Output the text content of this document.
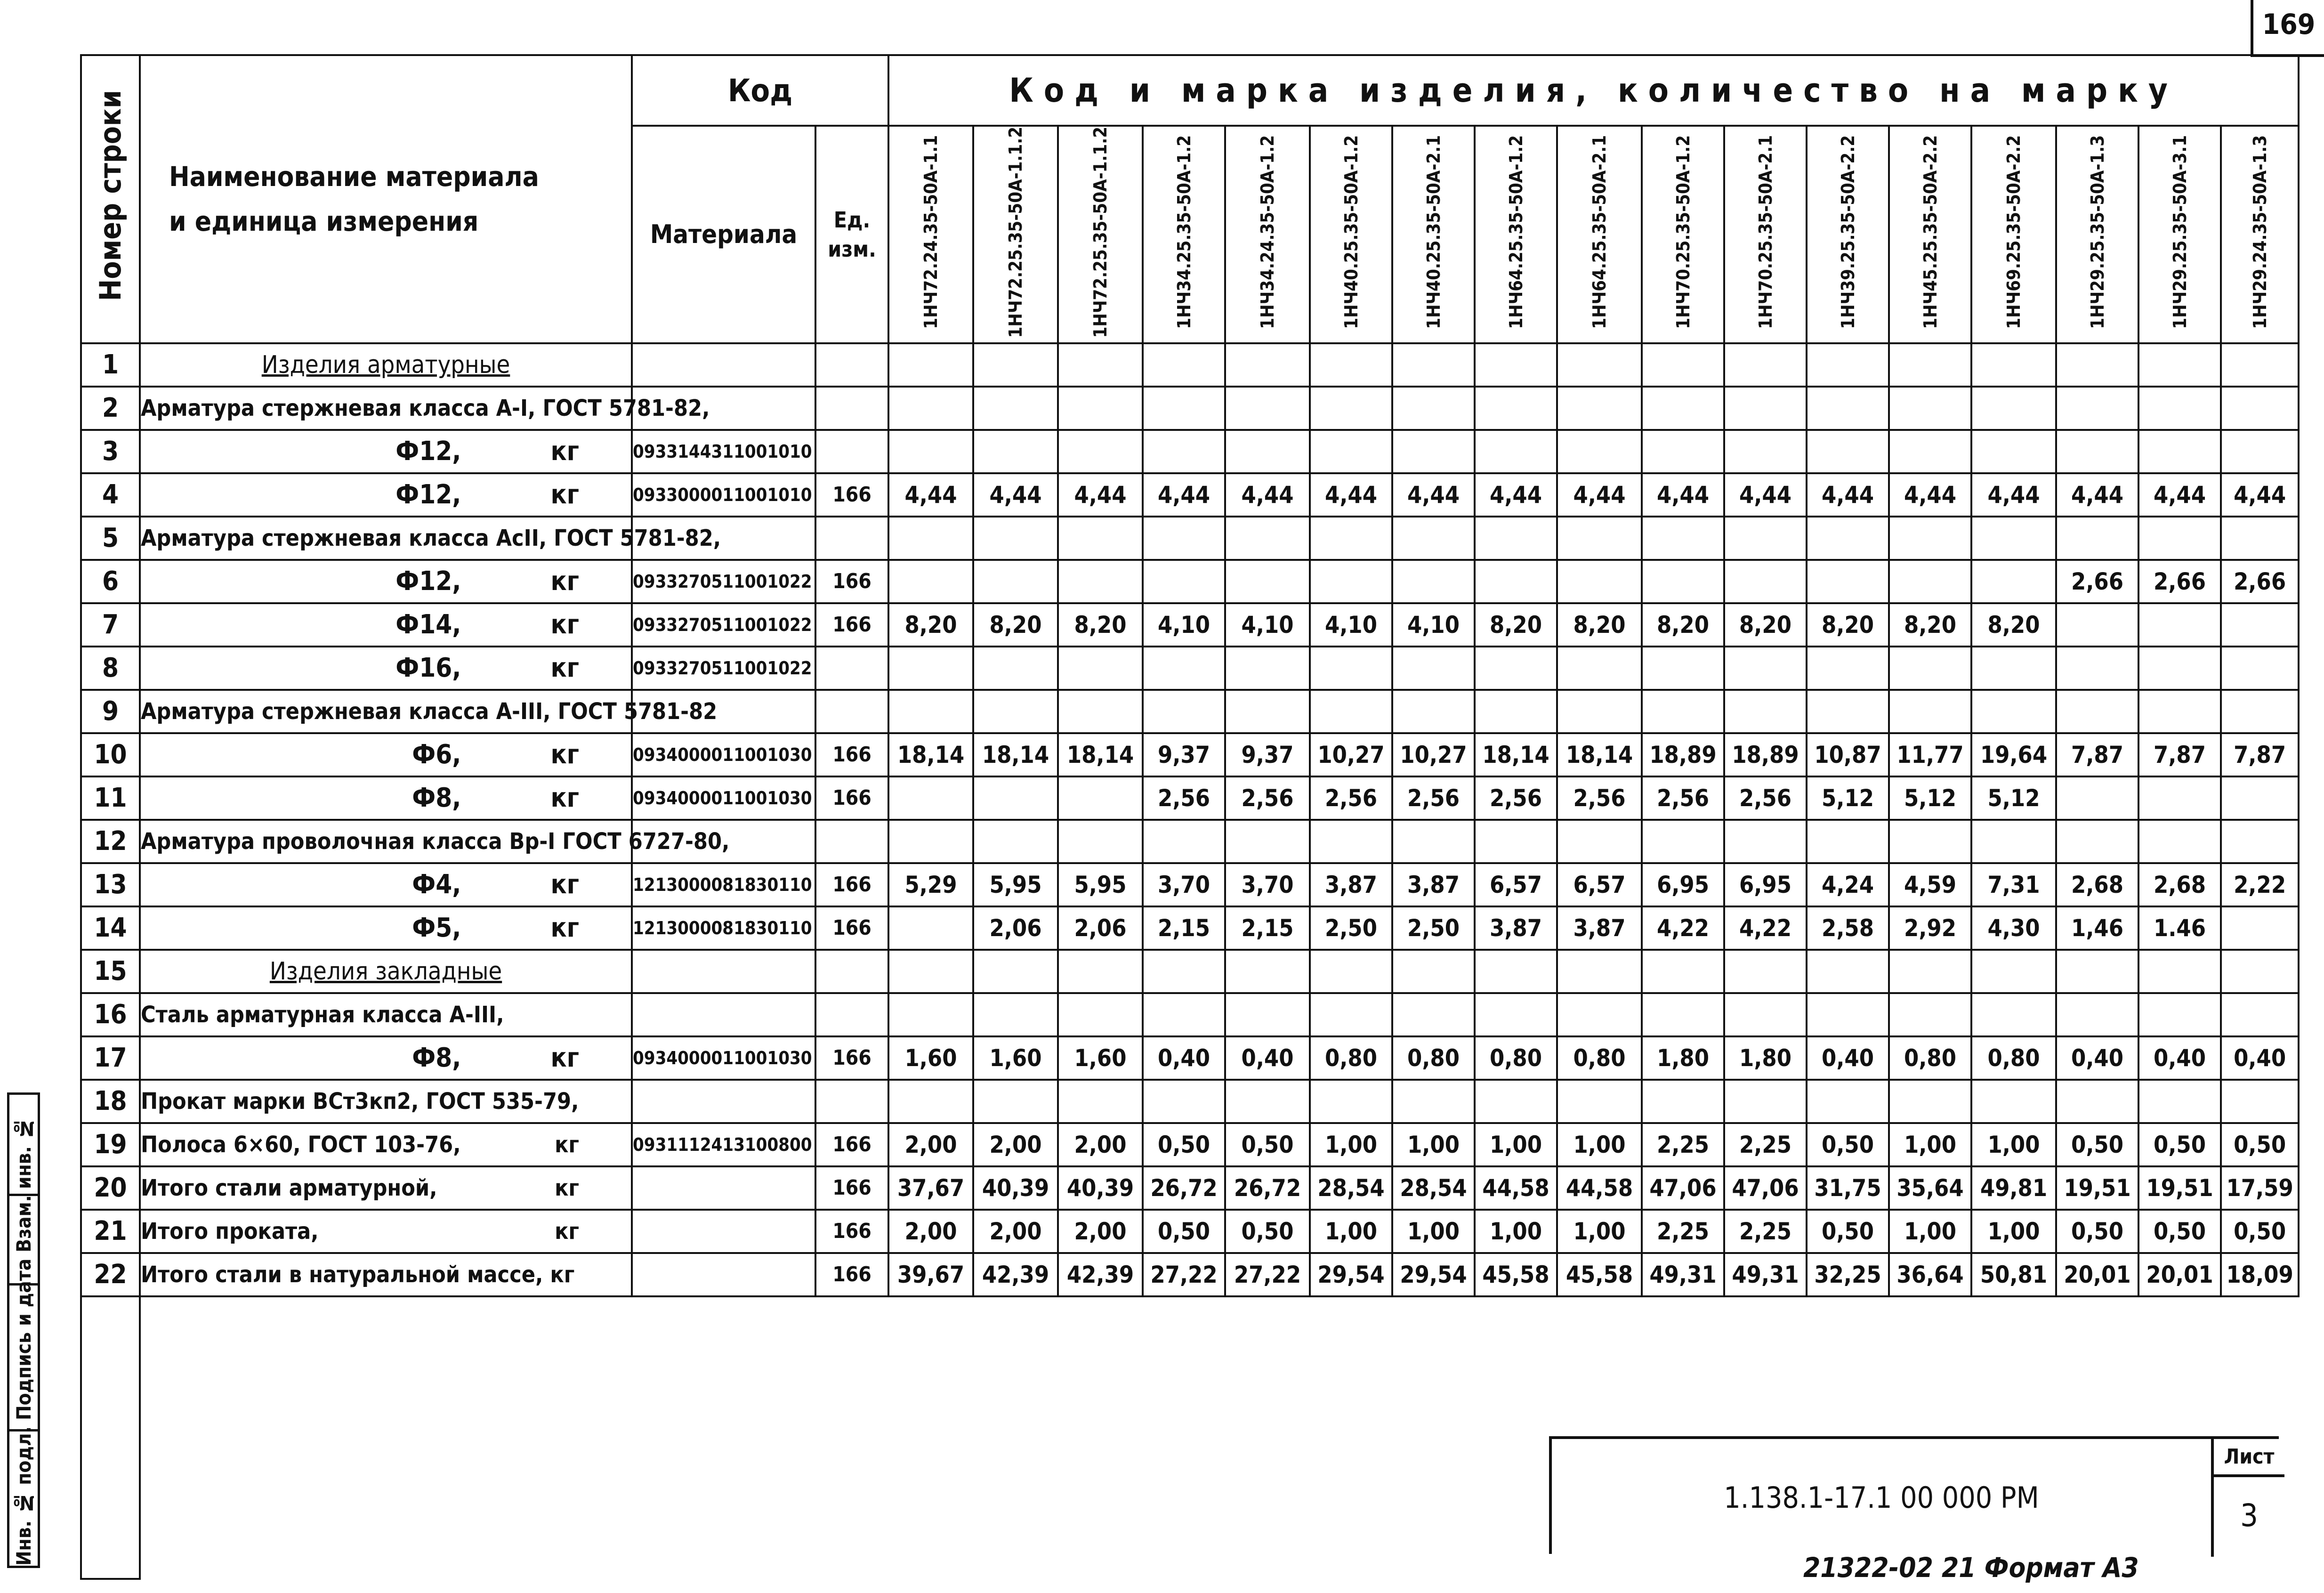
169
Инв. № подл. Подпись и дата Взам. инв. №
Номер строки	Наименование материала
и единица измерения	Код		Код и марка изделия, количество на марку																
		Материала	Ед.
изм.	1НЧ72.24.35-50А-1.1	1НЧ72.25.35-50А-1.1.2	1НЧ72.25.35-50А-1.1.2	1НЧ34.25.35-50А-1.2	1НЧ34.24.35-50А-1.2	1НЧ40.25.35-50А-1.2	1НЧ40.25.35-50А-2.1	1НЧ64.25.35-50А-1.2	1НЧ64.25.35-50А-2.1	1НЧ70.25.35-50А-1.2	1НЧ70.25.35-50А-2.1	1НЧ39.25.35-50А-2.2	1НЧ45.25.35-50А-2.2	1НЧ69.25.35-50А-2.2	1НЧ29.25.35-50А-1.3	1НЧ29.25.35-50А-3.1	1НЧ29.24.35-50А-1.3
1	Изделия арматурные																			
2	Арматура стержневая класса А-I, ГОСТ 5781-82,																			
3	Ф12, кг	0933144311001010																		
4	Ф12, кг	0933000011001010	166	4,44	4,44	4,44	4,44	4,44	4,44	4,44	4,44	4,44	4,44	4,44	4,44	4,44	4,44	4,44	4,44	4,44
5	Арматура стержневая класса АсII, ГОСТ 5781-82,																			
6	Ф12, кг	0933270511001022	166															2,66	2,66	2,66
7	Ф14, кг	0933270511001022	166	8,20	8,20	8,20	4,10	4,10	4,10	4,10	8,20	8,20	8,20	8,20	8,20	8,20	8,20			
8	Ф16, кг	0933270511001022																		
9	Арматура стержневая класса А-III, ГОСТ 5781-82																			
10	Ф6, кг	0934000011001030	166	18,14	18,14	18,14	9,37	9,37	10,27	10,27	18,14	18,14	18,89	18,89	10,87	11,77	19,64	7,87	7,87	7,87
11	Ф8, кг	0934000011001030	166				2,56	2,56	2,56	2,56	2,56	2,56	2,56	2,56	5,12	5,12	5,12			
12	Арматура проволочная класса Вр-I ГОСТ 6727-80,																			
13	Ф4, кг	1213000081830110	166	5,29	5,95	5,95	3,70	3,70	3,87	3,87	6,57	6,57	6,95	6,95	4,24	4,59	7,31	2,68	2,68	2,22
14	Ф5, кг	1213000081830110	166		2,06	2,06	2,15	2,15	2,50	2,50	3,87	3,87	4,22	4,22	2,58	2,92	4,30	1,46	1.46	
15	Изделия закладные																			
16	Сталь арматурная класса А-III,																			
17	Ф8, кг	0934000011001030	166	1,60	1,60	1,60	0,40	0,40	0,80	0,80	0,80	0,80	1,80	1,80	0,40	0,80	0,80	0,40	0,40	0,40
18	Прокат марки ВСт3кп2, ГОСТ 535-79,																			
19	Полоса 6×60, ГОСТ 103-76, кг	0931112413100800	166	2,00	2,00	2,00	0,50	0,50	1,00	1,00	1,00	1,00	2,25	2,25	0,50	1,00	1,00	0,50	0,50	0,50
20	Итого стали арматурной, кг		166	37,67	40,39	40,39	26,72	26,72	28,54	28,54	44,58	44,58	47,06	47,06	31,75	35,64	49,81	19,51	19,51	17,59
21	Итого проката, кг		166	2,00	2,00	2,00	0,50	0,50	1,00	1,00	1,00	1,00	2,25	2,25	0,50	1,00	1,00	0,50	0,50	0,50
22	Итого стали в натуральной массе, кг		166	39,67	42,39	42,39	27,22	27,22	29,54	29,54	45,58	45,58	49,31	49,31	32,25	36,64	50,81	20,01	20,01	18,09

1.138.1-17.1 00 000 РМ
Лист
3
21322-02 21 Формат А3
